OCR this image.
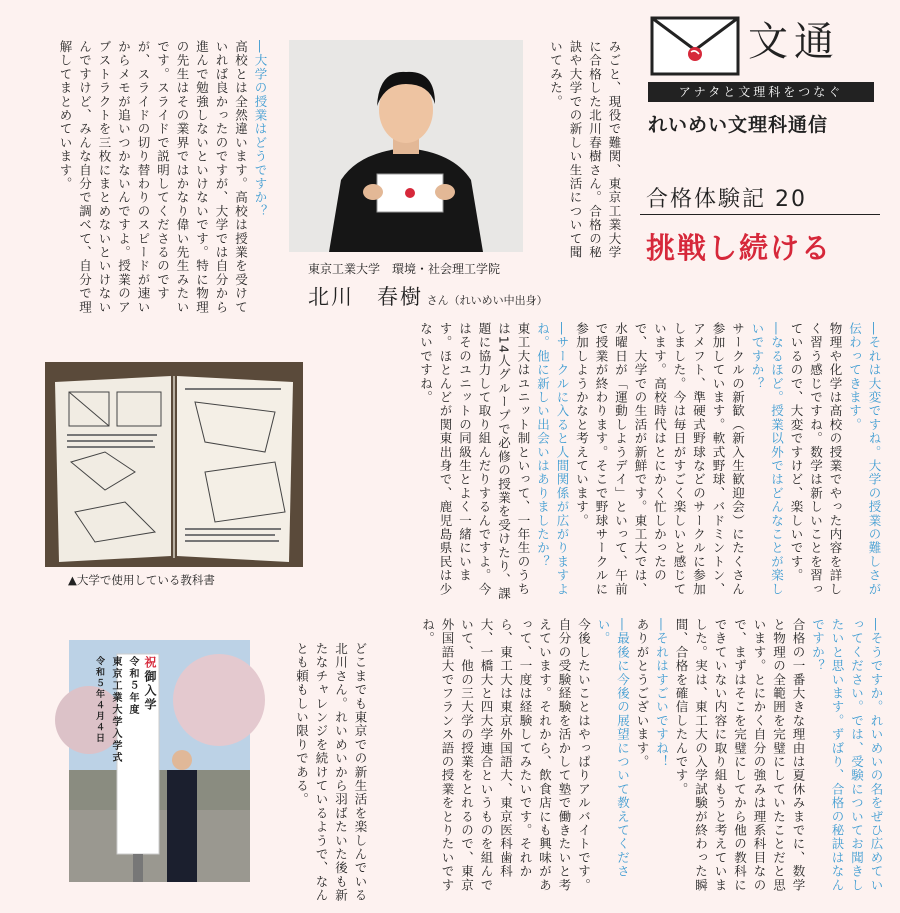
文通
アナタと文理科をつなぐ
れいめい文理科通信
合格体験記 20
挑戦し続ける

みごと、現役で難関、東京工業大学に合格した北川春樹さん。合格の秘訣や大学での新しい生活について聞いてみた。

東京工業大学　環境・社会理工学院
北川　春樹 さん（れいめい中出身）
▲大学で使用している教科書

祝御入学

令和５年度

東京工業大学入学式

令和５年４月４日	―そうですか。れいめいの名をぜひ広めていってください。では、受験についてお聞きしたいと思います。ずばり、合格の秘訣はなんですか？

合格の一番大きな理由は夏休みまでに、数学と物理の全範囲を完璧にしていたことだと思います。とにかく自分の強みは理系科目なので、まずはそこを完璧にしてから他の教科にできていない内容に取り組もうと考えていました。実は、東工大の入学試験が終わった瞬間、合格を確信したんです。

―それはすごいですね！

ありがとうございます。

―最後に今後の展望について教えてください。

今後したいことはやっぱりアルバイトです。自分の受験経験を活かして塾で働きたいと考えています。それから、飲食店にも興味があって、一度は経験してみたいです。それから、東工大は東京外国語大、東京医科歯科大、一橋大と四大学連合というものを組んでいて、他の三大学の授業をとれるので、東京外国語大でフランス語の授業をとりたいですね。

―それは大変ですね。大学の授業の難しさが伝わってきます。

物理や化学は高校の授業でやった内容を詳しく習う感じですね。数学は新しいことを習っているので、大変ですけど、楽しいです。

―なるほど。授業以外ではどんなことが楽しいですか？

サークルの新歓（新入生歓迎会）にたくさん参加しています。軟式野球、バドミントン、アメフト、準硬式野球などのサークルに参加しました。今は毎日がすごく楽しいと感じています。高校時代はとにかく忙しかったので、大学での生活が新鮮です。東工大では、水曜日が「運動しようデイ」といって、午前で授業が終わります。そこで野球サークルに参加しようかなと考えています。

―サークルに入ると人間関係が広がりますよね。他に新しい出会いはありましたか？

東工大はユニット制といって、一年生のうちは14人グループで必修の授業を受けたり、課題に協力して取り組んだりするんですよ。今はそのユニットの同級生とよく一緒にいます。ほとんどが関東出身で、鹿児島県民は少ないですね。

―大学の授業はどうですか？

高校とは全然違います。高校は授業を受けていれば良かったのですが、大学では自分から進んで勉強しないといけないです。特に物理の先生はその業界ではかなり偉い先生みたいです。スライドで説明してくださるのですが、スライドの切り替わりのスピードが速いからメモが追いつかないんですよ。授業のアブストラクトを三枚にまとめないといけないんですけど、みんな自分で調べて、自分で理解してまとめています。

どこまでも東京での新生活を楽しんでいる北川さん。れいめいから羽ばたいた後も新たなチャレンジを続けているようで、なんとも頼もしい限りである。
